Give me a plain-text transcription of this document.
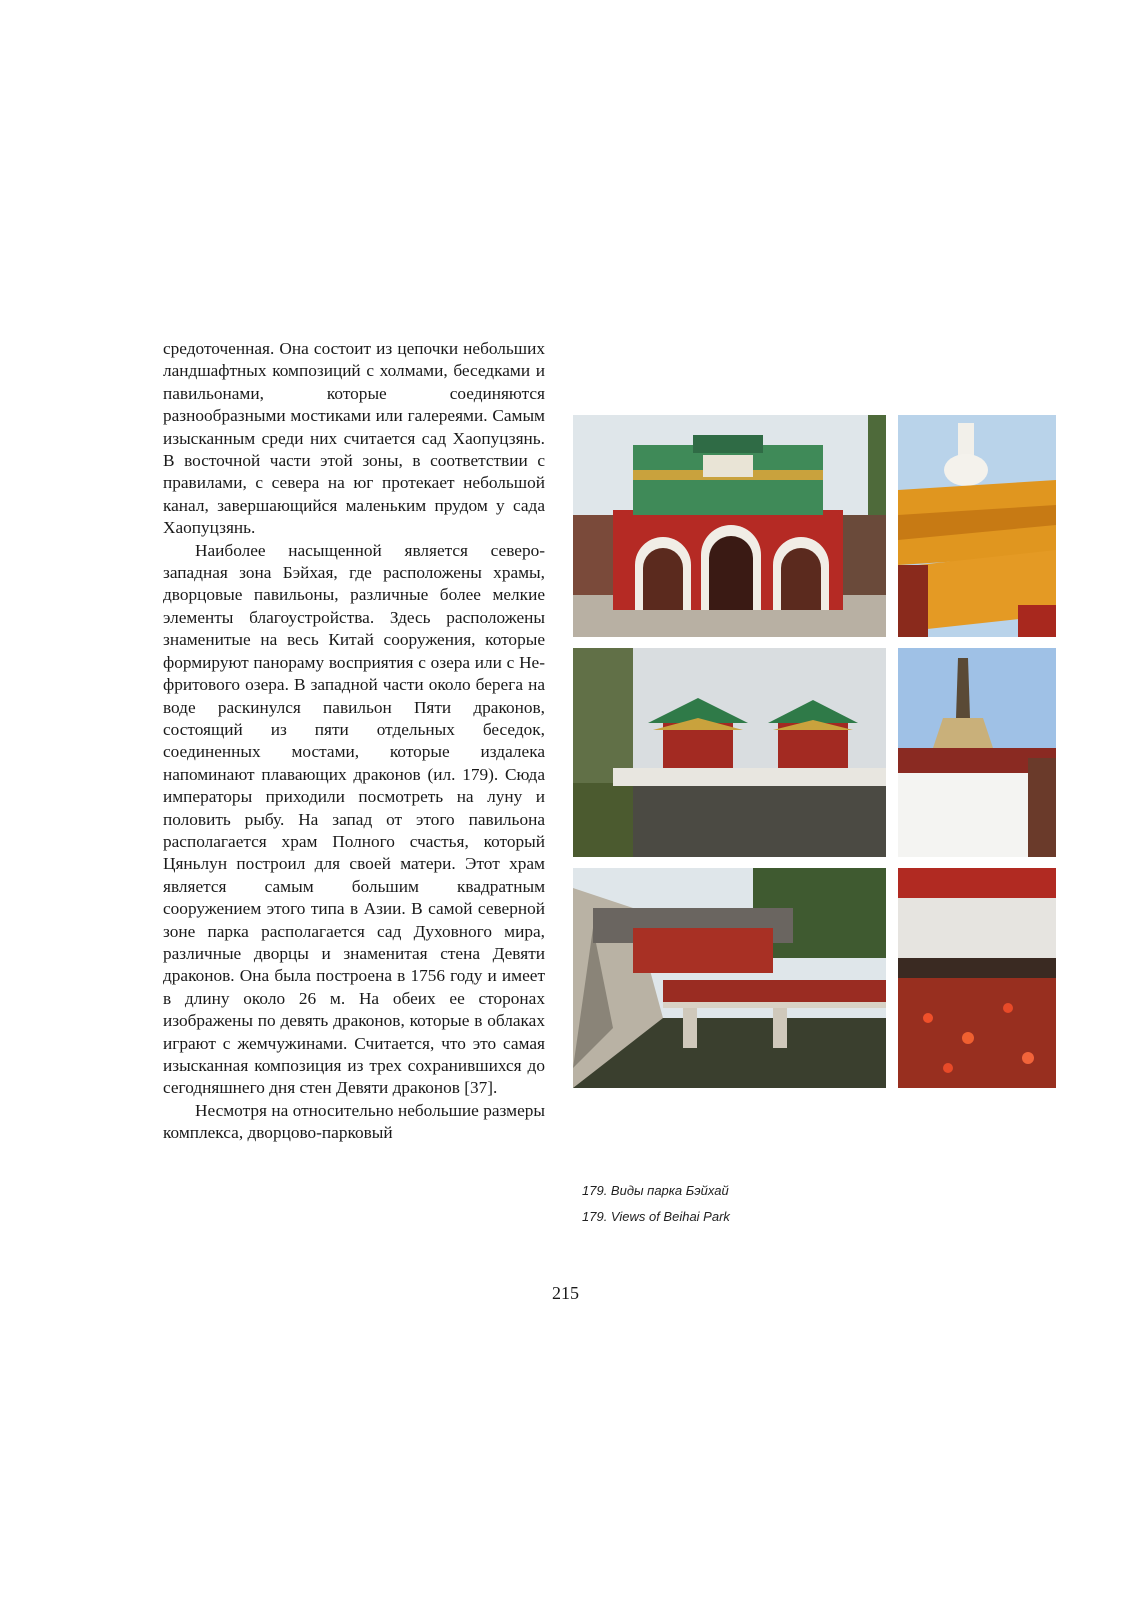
средоточенная. Она состоит из цепочки небольших ландшафтных композиций с холмами, беседками и павильонами, которые соединяются разнообразными мостиками или галереями. Самым изысканным среди них считается сад Хаопуцзянь. В восточной части этой зоны, в соответствии с правилами, с севера на юг протекает небольшой канал, завершающийся маленьким прудом у сада Хаопуцзянь.

Наиболее насыщенной является северо-западная зона Бэйхая, где расположены храмы, дворцовые павильоны, различные более мелкие элементы благоустройства. Здесь расположены знаменитые на весь Китай сооружения, которые формируют панораму восприятия с озера или с Нефритового озера. В западной части около берега на воде раскинулся павильон Пяти драконов, состоящий из пяти отдельных беседок, соединенных мостами, которые издалека напоминают плавающих драконов (ил. 179). Сюда императоры приходили посмотреть на луну и половить рыбу. На запад от этого павильона располагается храм Полного счастья, который Цяньлун построил для своей матери. Этот храм является самым большим квадратным сооружением этого типа в Азии. В самой северной зоне парка располагается сад Духовного мира, различные дворцы и знаменитая стена Девяти драконов. Она была построена в 1756 году и имеет в длину около 26 м. На обеих ее сторонах изображены по девять драконов, которые в облаках играют с жемчужинами. Считается, что это самая изысканная композиция из трех сохранившихся до сегодняшнего дня стен Девяти драконов [37].

Несмотря на относительно небольшие размеры комплекса, дворцово-парковый

179. Виды парка Бэйхай
179. Views of Beihai Park
215
